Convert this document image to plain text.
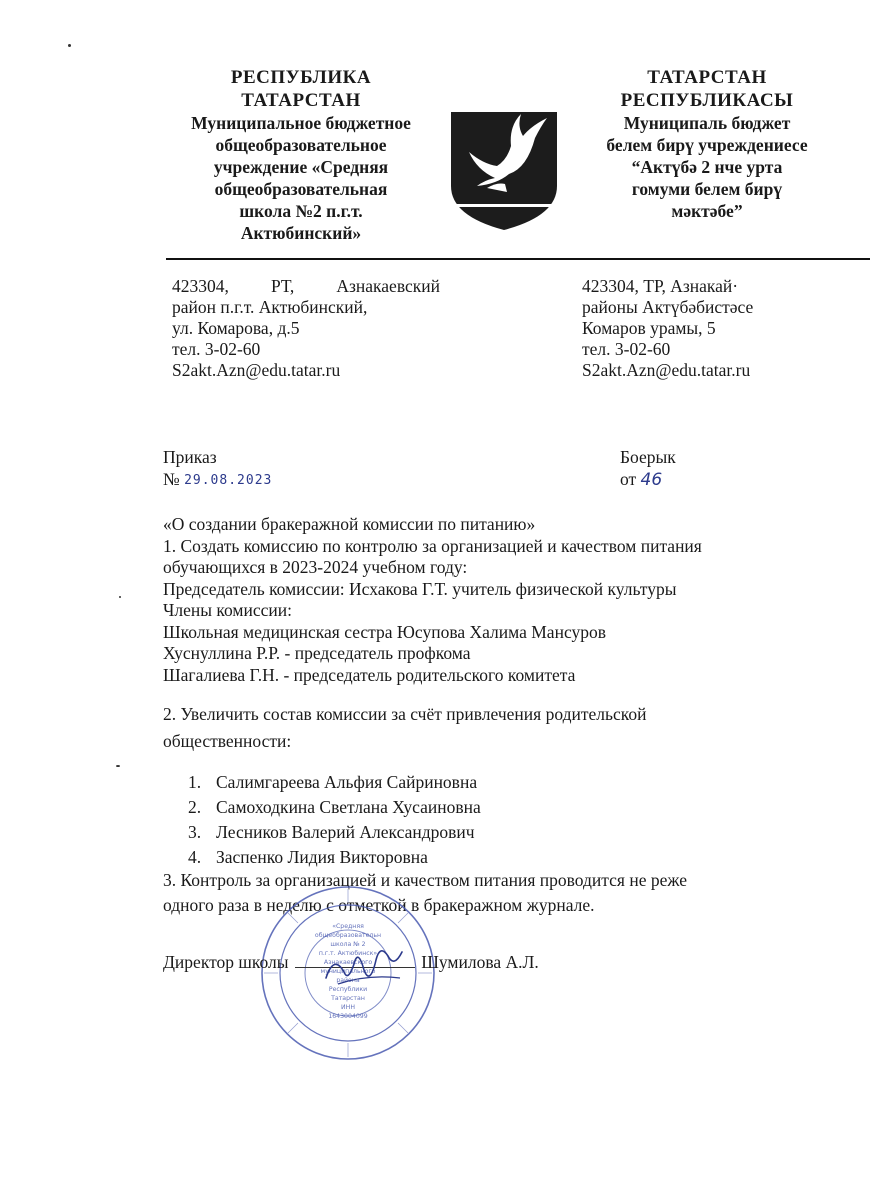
РЕСПУБЛИКА
ТАТАРСТАН
Муниципальное бюджетное
общеобразовательное
учреждение «Средняя
общеобразовательная
школа №2 п.г.т.
Актюбинский»
ТАТАРСТАН
РЕСПУБЛИКАСЫ
Муниципаль бюджет
белем бирү учреждениесе
“Актүбә 2 нче урта
гомуми белем бирү
мәктәбе”
423304, РТ, Азнакаевский
район п.г.т. Актюбинский,
ул. Комарова, д.5
тел. 3-02-60
S2akt.Azn@edu.tatar.ru
423304, ТР, Азнакай·
районы Актүбәбистәсе
Комаров урамы, 5
тел. 3-02-60
S2akt.Azn@edu.tatar.ru
Приказ
№ 29.08.2023
Боерык
от 46

«О создании бракеражной комиссии по питанию»

1. Создать комиссию по контролю за организацией и качеством питания

обучающихся в 2023-2024 учебном году:

Председатель комиссии: Исхакова Г.Т. учитель физической культуры

Члены комиссии:

Школьная медицинская сестра Юсупова Халима Мансуров

Хуснуллина Р.Р. - председатель профкома

Шагалиева Г.Н. - председатель родительского комитета

2. Увеличить состав комиссии за счёт привлечения родительской

общественности:

1. Салимгареева Альфия Сайриновна
2. Самоходкина Светлана Хусаиновна
3. Лесников Валерий Александрович
4. Заспенко Лидия Викторовна

3. Контроль за организацией и качеством питания проводится не реже

одного раза в неделю с отметкой в бракеражном журнале.

«Средняя
общеобразовательн
школа № 2
п.г.т. Актюбинск»
Азнакаевского
муниципального
района
Республики
Татарстан
ИНН
1643004099
Директор школы	Шумилова А.Л.
